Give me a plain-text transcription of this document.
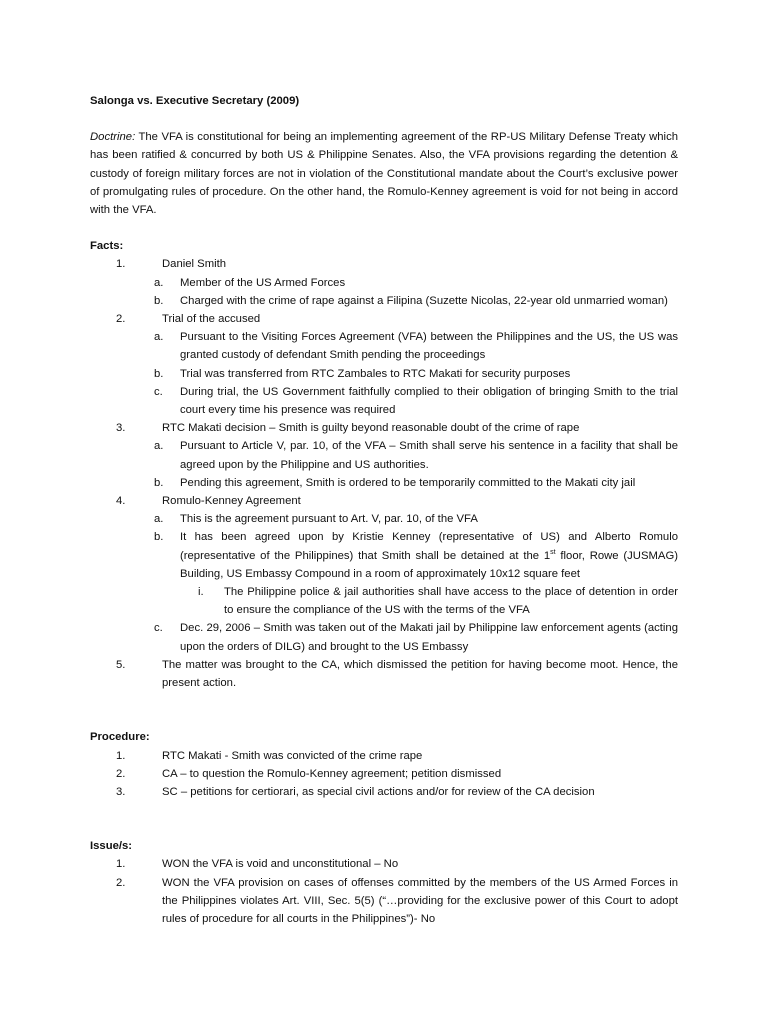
Salonga vs. Executive Secretary (2009)

Doctrine: The VFA is constitutional for being an implementing agreement of the RP-US Military Defense Treaty which has been ratified & concurred by both US & Philippine Senates. Also, the VFA provisions regarding the detention & custody of foreign military forces are not in violation of the Constitutional mandate about the Court’s exclusive power of promulgating rules of procedure. On the other hand, the Romulo-Kenney agreement is void for not being in accord with the VFA.

Facts:

1.	Daniel Smith
a.	Member of the US Armed Forces
b.	Charged with the crime of rape against a Filipina (Suzette Nicolas, 22-year old unmarried woman)
2.	Trial of the accused
a.	Pursuant to the Visiting Forces Agreement (VFA) between the Philippines and the US, the US was granted custody of defendant Smith pending the proceedings
b.	Trial was transferred from RTC Zambales to RTC Makati for security purposes
c.	During trial, the US Government faithfully complied to their obligation of bringing Smith to the trial court every time his presence was required
3.	RTC Makati decision – Smith is guilty beyond reasonable doubt of the crime of rape
a.	Pursuant to Article V, par. 10, of the VFA – Smith shall serve his sentence in a facility that shall be agreed upon by the Philippine and US authorities.
b.	Pending this agreement, Smith is ordered to be temporarily committed to the Makati city jail
4.	Romulo-Kenney Agreement
a.	This is the agreement pursuant to Art. V, par. 10, of the VFA
b.	It has been agreed upon by Kristie Kenney (representative of US) and Alberto Romulo (representative of the Philippines) that Smith shall be detained at the 1st floor, Rowe (JUSMAG) Building, US Embassy Compound in a room of approximately 10x12 square feet
i.	The Philippine police & jail authorities shall have access to the place of detention in order to ensure the compliance of the US with the terms of the VFA
c.	Dec. 29, 2006 – Smith was taken out of the Makati jail by Philippine law enforcement agents (acting upon the orders of DILG) and brought to the US Embassy
5.	The matter was brought to the CA, which dismissed the petition for having become moot. Hence, the present action.

Procedure:

1.	RTC Makati - Smith was convicted of the crime rape
2.	CA – to question the Romulo-Kenney agreement; petition dismissed
3.	SC – petitions for certiorari, as special civil actions and/or for review of the CA decision

Issue/s:

1.	WON the VFA is void and unconstitutional – No
2.	WON the VFA provision on cases of offenses committed by the members of the US Armed Forces in the Philippines violates Art. VIII, Sec. 5(5) (“…providing for the exclusive power of this Court to adopt rules of procedure for all courts in the Philippines”)- No
